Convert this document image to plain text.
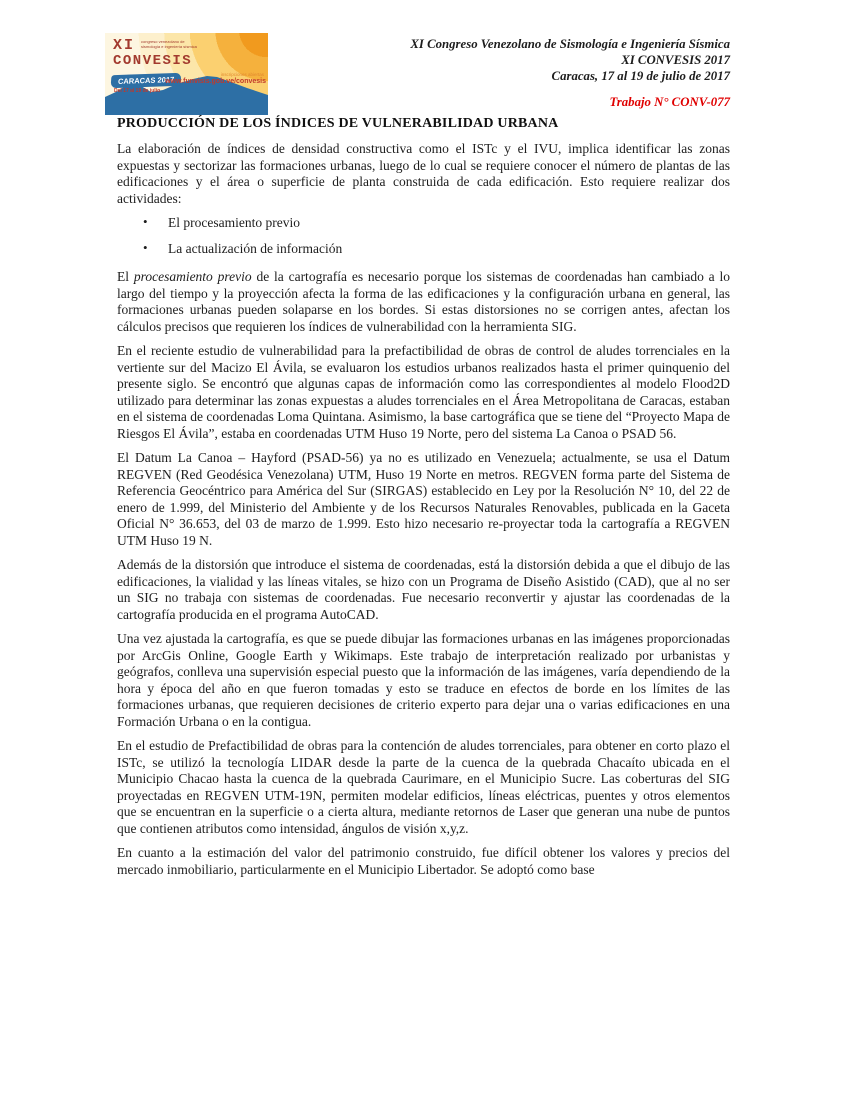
XI congreso venezolano de sismología e ingeniería sísmica
CONVESIS
CARACAS 2017
Del 17 al 19 de julio
inscripciones abiertas
www.funvisis.gob.ve/convesis
XI Congreso Venezolano de Sismología e Ingeniería Sísmica
XI CONVESIS 2017
Caracas, 17 al 19 de julio de 2017
Trabajo N° CONV-077
PRODUCCIÓN DE LOS ÍNDICES DE VULNERABILIDAD URBANA

La elaboración de índices de densidad constructiva como el ISTc y el IVU, implica identificar las zonas expuestas y sectorizar las formaciones urbanas, luego de lo cual se requiere conocer el número de plantas de las edificaciones y el área o superficie de planta construida de cada edificación. Esto requiere realizar dos actividades:

• El procesamiento previo
• La actualización de información

El procesamiento previo de la cartografía es necesario porque los sistemas de coordenadas han cambiado a lo largo del tiempo y la proyección afecta la forma de las edificaciones y la configuración urbana en general, las formaciones urbanas pueden solaparse en los bordes. Si estas distorsiones no se corrigen antes, afectan los cálculos precisos que requieren los índices de vulnerabilidad con la herramienta SIG.

En el reciente estudio de vulnerabilidad para la prefactibilidad de obras de control de aludes torrenciales en la vertiente sur del Macizo El Ávila, se evaluaron los estudios urbanos realizados hasta el primer quinquenio del presente siglo. Se encontró que algunas capas de información como las correspondientes al modelo Flood2D utilizado para determinar las zonas expuestas a aludes torrenciales en el Área Metropolitana de Caracas, estaban en el sistema de coordenadas Loma Quintana. Asimismo, la base cartográfica que se tiene del “Proyecto Mapa de Riesgos El Ávila”, estaba en coordenadas UTM Huso 19 Norte, pero del sistema La Canoa o PSAD 56.

El Datum La Canoa – Hayford (PSAD-56) ya no es utilizado en Venezuela; actualmente, se usa el Datum REGVEN (Red Geodésica Venezolana) UTM, Huso 19 Norte en metros. REGVEN forma parte del Sistema de Referencia Geocéntrico para América del Sur (SIRGAS) establecido en Ley por la Resolución N° 10, del 22 de enero de 1.999, del Ministerio del Ambiente y de los Recursos Naturales Renovables, publicada en la Gaceta Oficial N° 36.653, del 03 de marzo de 1.999. Esto hizo necesario re-proyectar toda la cartografía a REGVEN UTM Huso 19 N.

Además de la distorsión que introduce el sistema de coordenadas, está la distorsión debida a que el dibujo de las edificaciones, la vialidad y las líneas vitales, se hizo con un Programa de Diseño Asistido (CAD), que al no ser un SIG no trabaja con sistemas de coordenadas. Fue necesario reconvertir y ajustar las coordenadas de la cartografía producida en el programa AutoCAD.

Una vez ajustada la cartografía, es que se puede dibujar las formaciones urbanas en las imágenes proporcionadas por ArcGis Online, Google Earth y Wikimaps. Este trabajo de interpretación realizado por urbanistas y geógrafos, conlleva una supervisión especial puesto que la información de las imágenes, varía dependiendo de la hora y época del año en que fueron tomadas y esto se traduce en efectos de borde en los límites de las formaciones urbanas, que requieren decisiones de criterio experto para dejar una o varias edificaciones en una Formación Urbana o en la contigua.

En el estudio de Prefactibilidad de obras para la contención de aludes torrenciales, para obtener en corto plazo el ISTc, se utilizó la tecnología LIDAR desde la parte de la cuenca de la quebrada Chacaíto ubicada en el Municipio Chacao hasta la cuenca de la quebrada Caurimare, en el Municipio Sucre. Las coberturas del SIG proyectadas en REGVEN UTM-19N, permiten modelar edificios, líneas eléctricas, puentes y otros elementos que se encuentran en la superficie o a cierta altura, mediante retornos de Laser que generan una nube de puntos que contienen atributos como intensidad, ángulos de visión x,y,z.

En cuanto a la estimación del valor del patrimonio construido, fue difícil obtener los valores y precios del mercado inmobiliario, particularmente en el Municipio Libertador. Se adoptó como base
